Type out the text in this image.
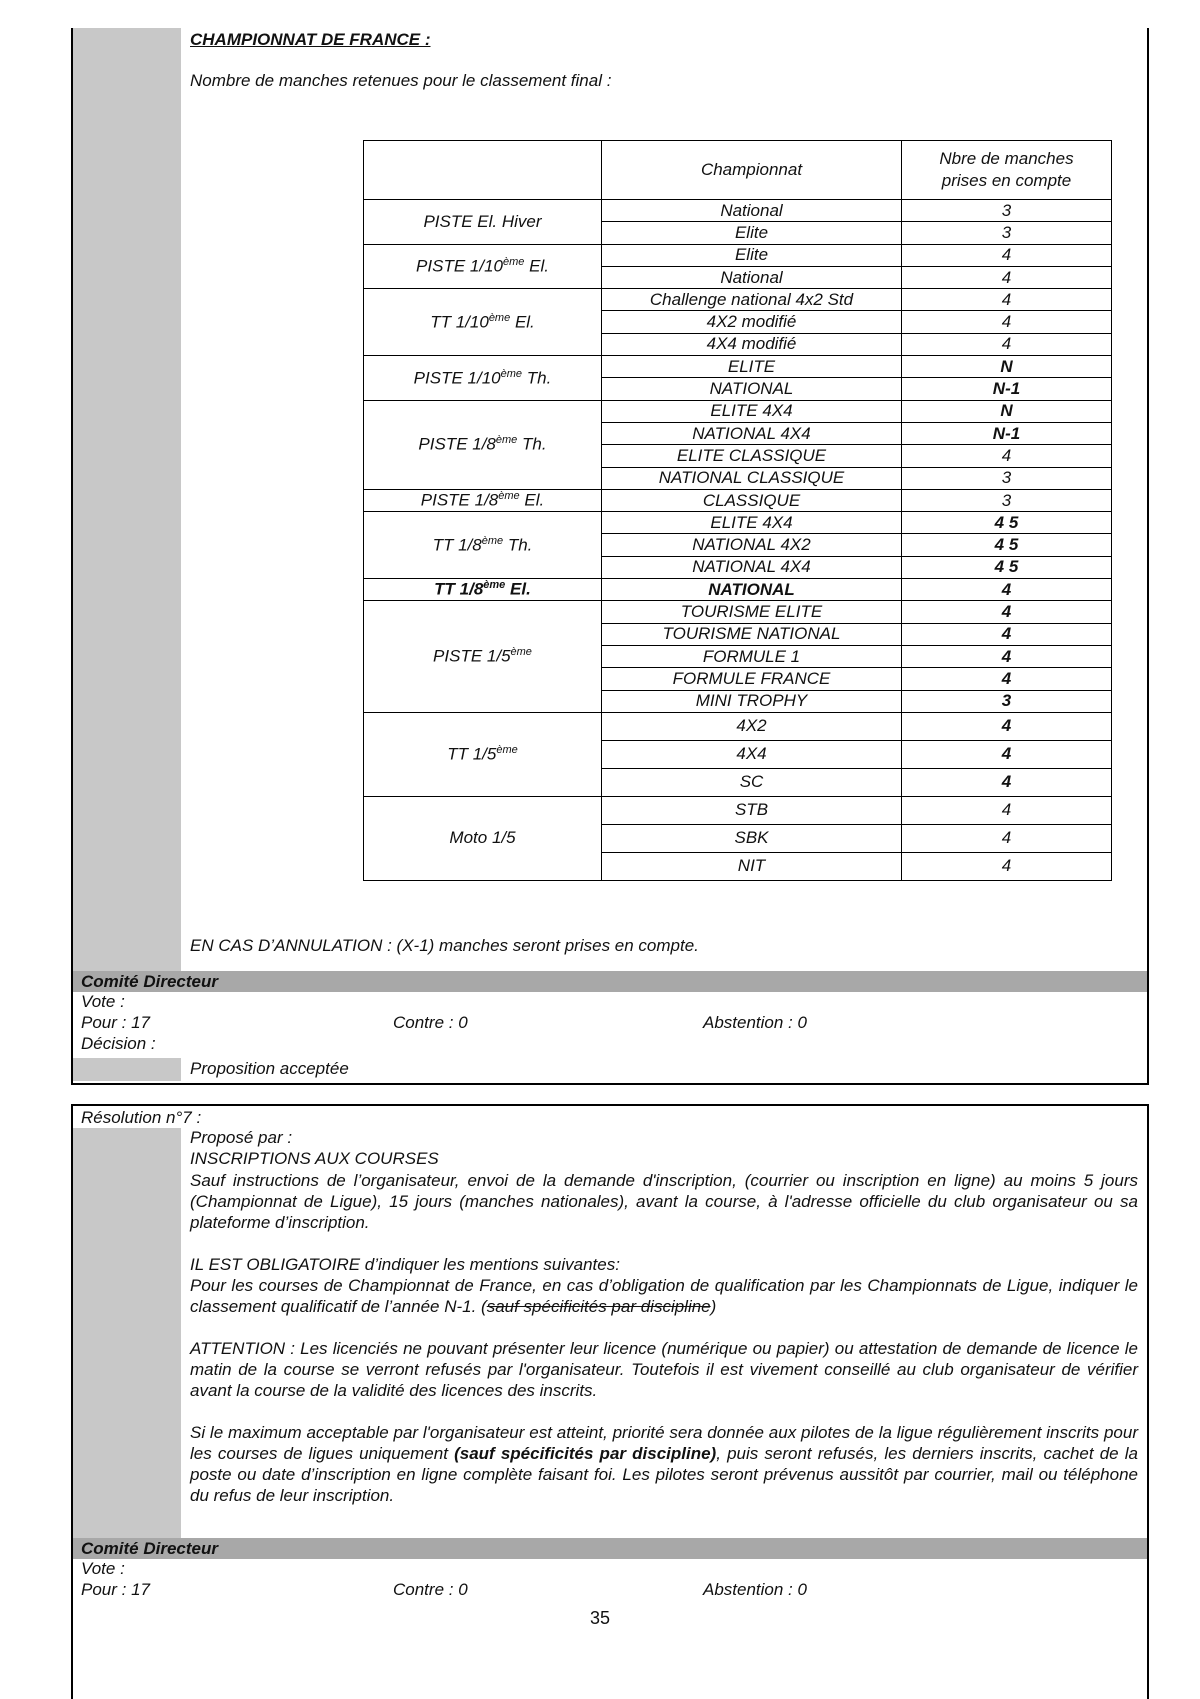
CHAMPIONNAT DE FRANCE :
Nombre de manches retenues pour le classement final :
	Championnat	Nbre de manches prises en compte
PISTE El. Hiver	National	3
	Elite	3
PISTE 1/10ème El.	Elite	4
	National	4
TT 1/10ème El.	Challenge national 4x2 Std	4
	4X2 modifié	4
	4X4 modifié	4
PISTE 1/10ème Th.	ELITE	N
	NATIONAL	N-1
PISTE 1/8ème Th.	ELITE 4X4	N
	NATIONAL 4X4	N-1
	ELITE CLASSIQUE	4
	NATIONAL CLASSIQUE	3
PISTE 1/8ème El.	CLASSIQUE	3
TT 1/8ème Th.	ELITE 4X4	4 5
	NATIONAL 4X2	4 5
	NATIONAL 4X4	4 5
TT 1/8ème El.	NATIONAL	4
PISTE 1/5ème	TOURISME ELITE	4
	TOURISME NATIONAL	4
	FORMULE 1	4
	FORMULE FRANCE	4
	MINI TROPHY	3
TT 1/5ème	4X2	4
	4X4	4
	SC	4
Moto 1/5	STB	4
	SBK	4
	NIT	4
EN CAS D’ANNULATION : (X-1) manches seront prises en compte.
Comité Directeur
Vote :
Pour : 17	Contre : 0	Abstention : 0
Décision :
Proposition acceptée
Résolution n°7 :
Proposé par :
INSCRIPTIONS AUX COURSES
Sauf instructions de l’organisateur, envoi de la demande d'inscription, (courrier ou inscription en ligne) au moins 5 jours (Championnat de Ligue), 15 jours (manches nationales), avant la course, à l'adresse officielle du club organisateur ou sa plateforme d’inscription.
IL EST OBLIGATOIRE d’indiquer les mentions suivantes:
Pour les courses de Championnat de France, en cas d’obligation de qualification par les Championnats de Ligue, indiquer le classement qualificatif de l’année N-1. (sauf spécificités par discipline)
ATTENTION : Les licenciés ne pouvant présenter leur licence (numérique ou papier) ou attestation de demande de licence le matin de la course se verront refusés par l'organisateur. Toutefois il est vivement conseillé au club organisateur de vérifier avant la course de la validité des licences des inscrits.
Si le maximum acceptable par l'organisateur est atteint, priorité sera donnée aux pilotes de la ligue régulièrement inscrits pour les courses de ligues uniquement (sauf spécificités par discipline), puis seront refusés, les derniers inscrits, cachet de la poste ou date d’inscription en ligne complète faisant foi. Les pilotes seront prévenus aussitôt par courrier, mail ou téléphone du refus de leur inscription.
Comité Directeur
Vote :
Pour : 17	Contre : 0	Abstention : 0
35
